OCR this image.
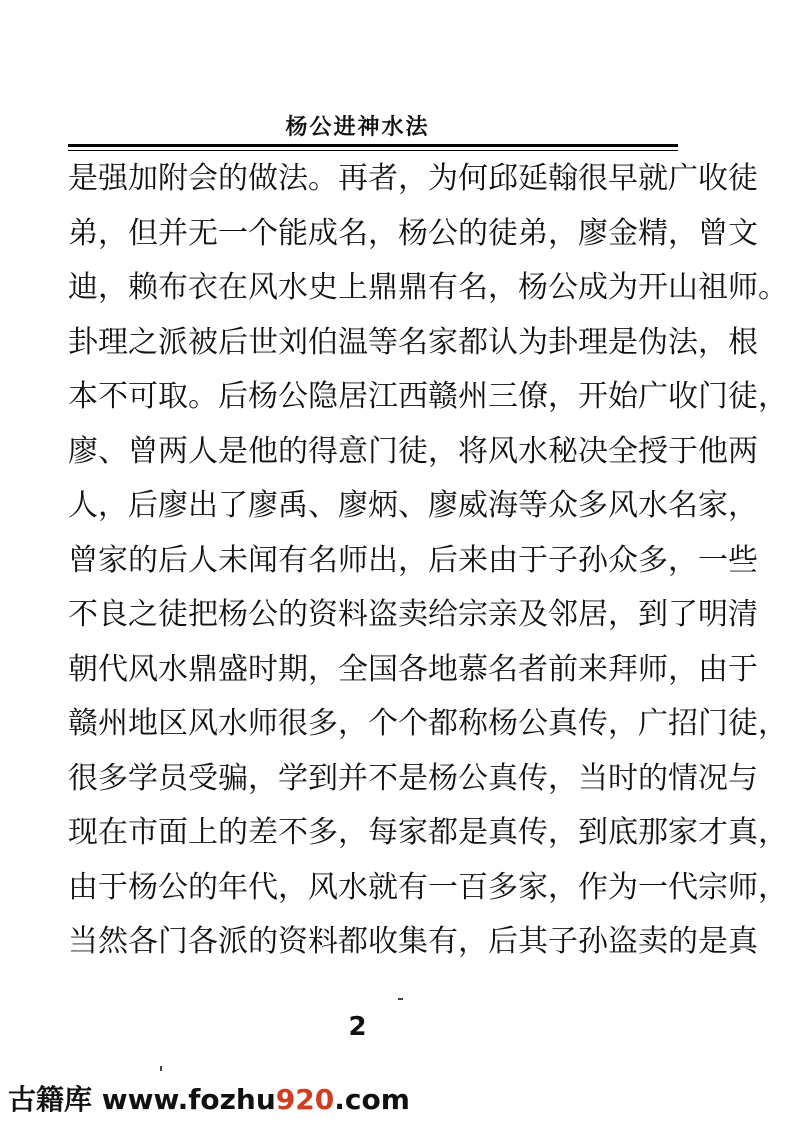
杨公进神水法
是强加附会的做法。再者，为何邱延翰很早就广收徒
弟，但并无一个能成名，杨公的徒弟，廖金精，曾文
迪，赖布衣在风水史上鼎鼎有名，杨公成为开山祖师。
卦理之派被后世刘伯温等名家都认为卦理是伪法，根
本不可取。后杨公隐居江西赣州三僚，开始广收门徒，
廖、曾两人是他的得意门徒，将风水秘决全授于他两
人，后廖出了廖禹、廖炳、廖威海等众多风水名家，
曾家的后人未闻有名师出，后来由于子孙众多，一些
不良之徒把杨公的资料盗卖给宗亲及邻居，到了明清
朝代风水鼎盛时期，全国各地慕名者前来拜师，由于
赣州地区风水师很多，个个都称杨公真传，广招门徒，
很多学员受骗，学到并不是杨公真传，当时的情况与
现在市面上的差不多，每家都是真传，到底那家才真，
由于杨公的年代，风水就有一百多家，作为一代宗师，
当然各门各派的资料都收集有，后其子孙盗卖的是真
2
古籍库 www.fozhu920.com
